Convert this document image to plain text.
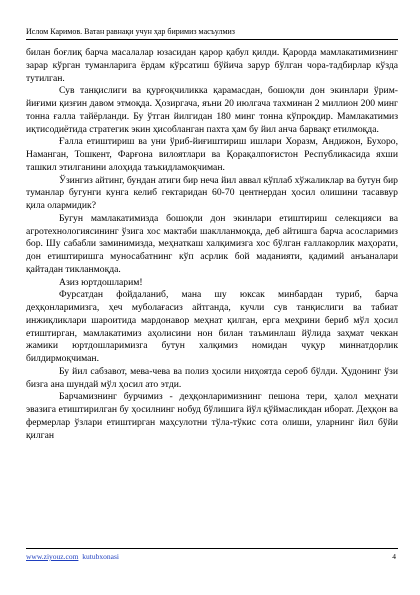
Ислом Каримов. Ватан равнақи учун ҳар биримиз масъулмиз

билан боғлиқ барча масалалар юзасидан қарор қабул қилди. Қарорда мамлакатимизнинг зарар кўрган туманларига ёрдам кўрсатиш бўйича зарур бўлган чора-тадбирлар кўзда тутилган.

Сув танқислиги ва қурғоқчиликка қарамасдан, бошоқли дон экинлари ўрим-йиғими қизғин давом этмоқда. Ҳозиргача, яъни 20 июлгача тахминан 2 миллион 200 минг тонна ғалла тайёрланди. Бу ўтган йилгидан 180 минг тонна кўпроқдир. Мамлакатимиз иқтисодиётида стратегик экин ҳисобланган пахта ҳам бу йил анча барвақт етилмоқда.

Ғалла етиштириш ва уни ўриб-йиғиштириш ишлари Хоразм, Андижон, Бухоро, Наманган, Тошкент, Фарғона вилоятлари ва Қорақалпоғистон Республикасида яхши ташкил этилганини алоҳида таъкидламоқчиман.

Ўзингиз айтинг, бундан атиги бир неча йил аввал кўплаб хўжаликлар ва бутун бир туманлар бугунги кунга келиб гектаридан 60-70 центнердан ҳосил олишини тасаввур қила олармидик?

Бугун мамлакатимизда бошоқли дон экинлари етиштириш селекцияси ва агротехнологиясининг ўзига хос мактаби шаклланмоқда, деб айтишга барча асосларимиз бор. Шу сабабли заминимизда, меҳнаткаш халқимизга хос бўлган ғаллакорлик маҳорати, дон етиштиришга муносабатнинг кўп асрлик бой маданияти, қадимий анъаналари қайтадан тикланмоқда.

Азиз юртдошларим!

Фурсатдан фойдаланиб, мана шу юксак минбардан туриб, барча деҳқонларимизга, ҳеч муболағасиз айтганда, кучли сув танқислиги ва табиат инжиқликлари шароитида мардонавор меҳнат қилган, ерга меҳрини бериб мўл ҳосил етиштирган, мамлакатимиз аҳолисини нон билан таъминлаш йўлида заҳмат чеккан жамики юртдошларимизга бутун халқимиз номидан чуқур миннатдорлик билдирмоқчиман.

Бу йил сабзавот, мева-чева ва полиз ҳосили ниҳоятда сероб бўлди. Ҳудонинг ўзи бизга ана шундай мўл ҳосил ато этди.

Барчамизнинг бурчимиз - деҳқонларимизнинг пешона тери, ҳалол меҳнати эвазига етиштирилган бу ҳосилнинг нобуд бўлишига йўл қўймасликдан иборат. Деҳқон ва фермерлар ўзлари етиштирган маҳсулотни тўла-тўкис сота олиши, уларнинг йил бўйи қилган

www.ziyouz.com kutubxonasi	4
